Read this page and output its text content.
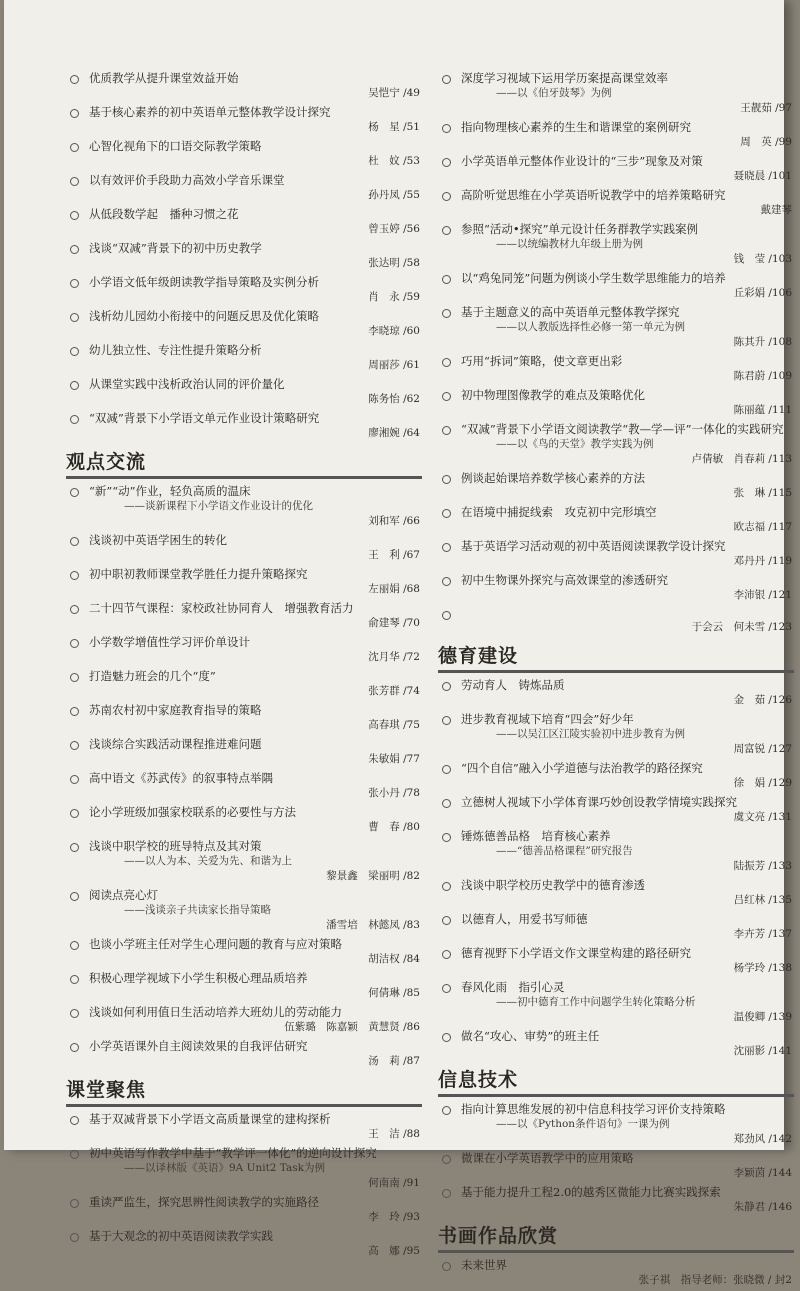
优质教学从提升课堂效益开始
吴恺宁 /49
基于核心素养的初中英语单元整体教学设计探究
杨　星 /51
心智化视角下的口语交际教学策略
杜　妏 /53
以有效评价手段助力高效小学音乐课堂
孙丹凤 /55
从低段数学起　播种习惯之花
曾玉婷 /56
浅谈“双减”背景下的初中历史教学
张达明 /58
小学语文低年级朗读教学指导策略及实例分析
肖　永 /59
浅析幼儿园幼小衔接中的问题反思及优化策略
李晓琼 /60
幼儿独立性、专注性提升策略分析
周丽莎 /61
从课堂实践中浅析政治认同的评价量化
陈务怡 /62
“双减”背景下小学语文单元作业设计策略研究
廖湘婉 /64
观点交流
“新”“动”作业，轻负高质的温床
——谈新课程下小学语文作业设计的优化
刘和军 /66
浅谈初中英语学困生的转化
王　利 /67
初中职初教师课堂教学胜任力提升策略探究
左丽娟 /68
二十四节气课程：家校政社协同育人　增强教育活力
俞建琴 /70
小学数学增值性学习评价单设计
沈月华 /72
打造魅力班会的几个“度”
张芳群 /74
苏南农村初中家庭教育指导的策略
高春琪 /75
浅谈综合实践活动课程推进难问题
朱敏娟 /77
高中语文《苏武传》的叙事特点举隅
张小丹 /78
论小学班级加强家校联系的必要性与方法
曹　春 /80
浅谈中职学校的班导特点及其对策
——以人为本、关爱为先、和谐为上
黎景鑫　梁丽明 /82
阅读点亮心灯
——浅谈亲子共读家长指导策略
潘雪培　林懿凤 /83
也谈小学班主任对学生心理问题的教育与应对策略
胡洁权 /84
积极心理学视域下小学生积极心理品质培养
何倩琳 /85
浅谈如何利用值日生活动培养大班幼儿的劳动能力
伍紫璐　陈嘉颖　黄慧贤 /86
小学英语课外自主阅读效果的自我评估研究
汤　莉 /87
课堂聚焦
基于双减背景下小学语文高质量课堂的建构探析
王　洁 /88
初中英语写作教学中基于“教学评一体化”的逆向设计探究
——以译林版《英语》9A Unit2 Task为例
何南南 /91
重读严监生，探究思辨性阅读教学的实施路径
李　玲 /93
基于大观念的初中英语阅读教学实践
高　娜 /95
深度学习视域下运用学历案提高课堂效率
——以《伯牙鼓琴》为例
王靓茹 /97
指向物理核心素养的生生和谐课堂的案例研究
周　英 /99
小学英语单元整体作业设计的“三步”现象及对策
聂晓晨 /101
高阶听觉思维在小学英语听说教学中的培养策略研究
戴建琴
参照“活动•探究”单元设计任务群教学实践案例
——以统编教材九年级上册为例
钱　莹 /103
以“鸡兔同笼”问题为例谈小学生数学思维能力的培养
丘彩娟 /106
基于主题意义的高中英语单元整体教学探究
——以人教版选择性必修一第一单元为例
陈其升 /108
巧用“拆词”策略，使文章更出彩
陈君蔚 /109
初中物理图像教学的难点及策略优化
陈丽蕴 /111
“双减”背景下小学语文阅读教学“教—学—评”一体化的实践研究
——以《鸟的天堂》教学实践为例
卢倩敏　肖春莉 /113
例谈起始课培养数学核心素养的方法
张　琳 /115
在语境中捕捉线索　攻克初中完形填空
欧志福 /117
基于英语学习活动观的初中英语阅读课教学设计探究
邓丹丹 /119
初中生物课外探究与高效课堂的渗透研究
李沛银 /121
于会云　何未雪 /123
德育建设
劳动育人　铸炼品质
金　茹 /126
进步教育视域下培育“四会”好少年
——以吴江区江陵实验初中进步教育为例
周富锐 /127
“四个自信”融入小学道德与法治教学的路径探究
徐　娟 /129
立德树人视域下小学体育课巧妙创设教学情境实践探究
虞文亮 /131
锤炼德善品格　培育核心素养
——“德善品格课程”研究报告
陆振芳 /133
浅谈中职学校历史教学中的德育渗透
吕红林 /135
以德育人，用爱书写师德
李卉芳 /137
德育视野下小学语文作文课堂构建的路径研究
杨学玲 /138
春风化雨　指引心灵
——初中德育工作中问题学生转化策略分析
温俊卿 /139
做名“攻心、审势”的班主任
沈丽影 /141
信息技术
指向计算思维发展的初中信息科技学习评价支持策略
——以《Python条件语句》一课为例
郑劲风 /142
微课在小学英语教学中的应用策略
李颖茵 /144
基于能力提升工程2.0的越秀区微能力比赛实践探索
朱静君 /146
书画作品欣赏
未来世界
张子祺　指导老师：张晓微 / 封2
